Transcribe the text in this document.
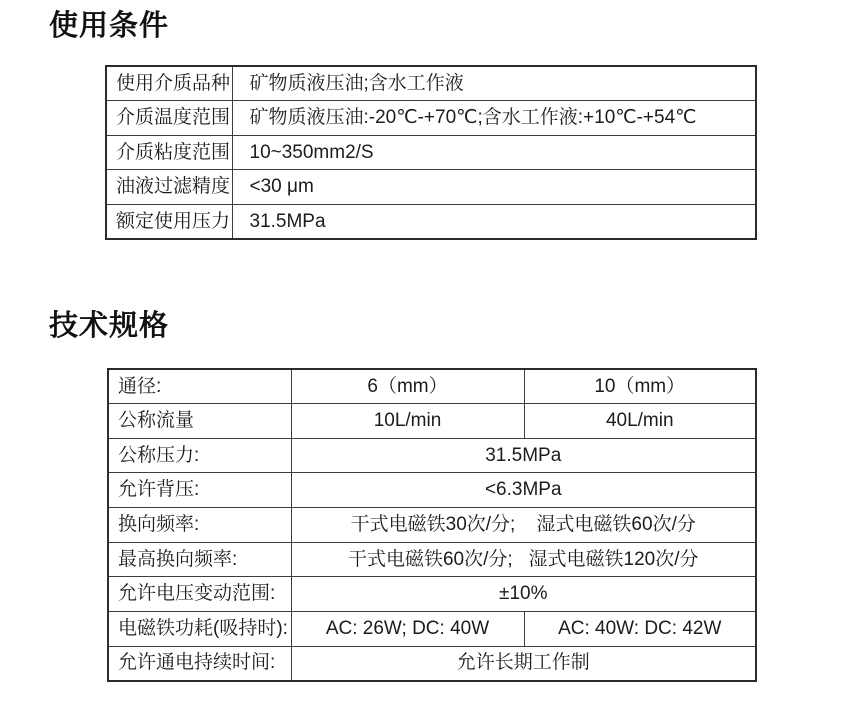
使用条件
使用介质品种	矿物质液压油;含水工作液
介质温度范围	矿物质液压油:-20℃-+70℃;含水工作液:+10℃-+54℃
介质粘度范围	10~350mm2/S
油液过滤精度	<30 μm
额定使用压力	31.5MPa
技术规格
通径:	6（mm）	10（mm）
公称流量	10L/min	40L/min
公称压力:	31.5MPa	
允许背压:	<6.3MPa	
换向频率:	干式电磁铁30次/分;    湿式电磁铁60次/分	
最高换向频率:	干式电磁铁60次/分;   湿式电磁铁120次/分	
允许电压变动范围:	±10%	
电磁铁功耗(吸持时):	AC: 26W; DC: 40W	AC: 40W: DC: 42W
允许通电持续时间:	允许长期工作制	
